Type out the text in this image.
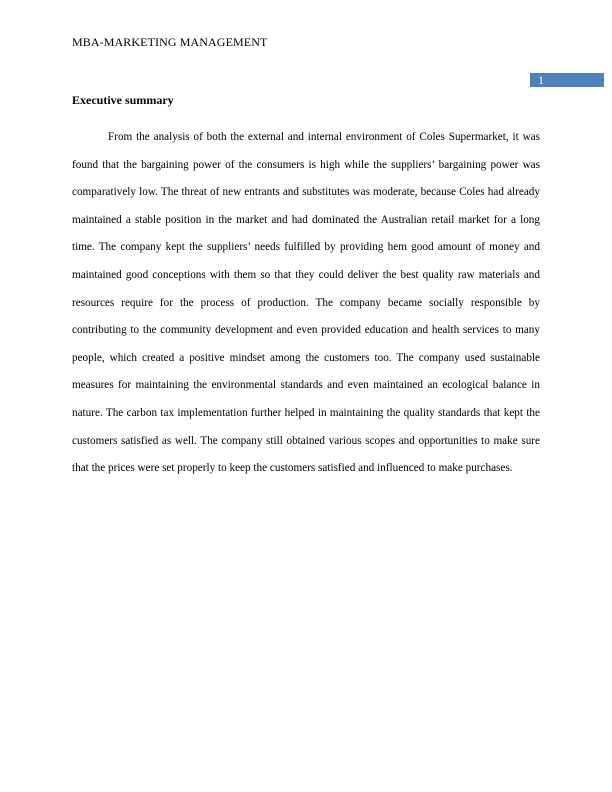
MBA-MARKETING MANAGEMENT
1
Executive summary

From the analysis of both the external and internal environment of Coles Supermarket, it was found that the bargaining power of the consumers is high while the suppliers’ bargaining power was comparatively low. The threat of new entrants and substitutes was moderate, because Coles had already maintained a stable position in the market and had dominated the Australian retail market for a long time. The company kept the suppliers’ needs fulfilled by providing hem good amount of money and maintained good conceptions with them so that they could deliver the best quality raw materials and resources require for the process of production. The company became socially responsible by contributing to the community development and even provided education and health services to many people, which created a positive mindset among the customers too. The company used sustainable measures for maintaining the environmental standards and even maintained an ecological balance in nature. The carbon tax implementation further helped in maintaining the quality standards that kept the customers satisfied as well. The company still obtained various scopes and opportunities to make sure that the prices were set properly to keep the customers satisfied and influenced to make purchases.
